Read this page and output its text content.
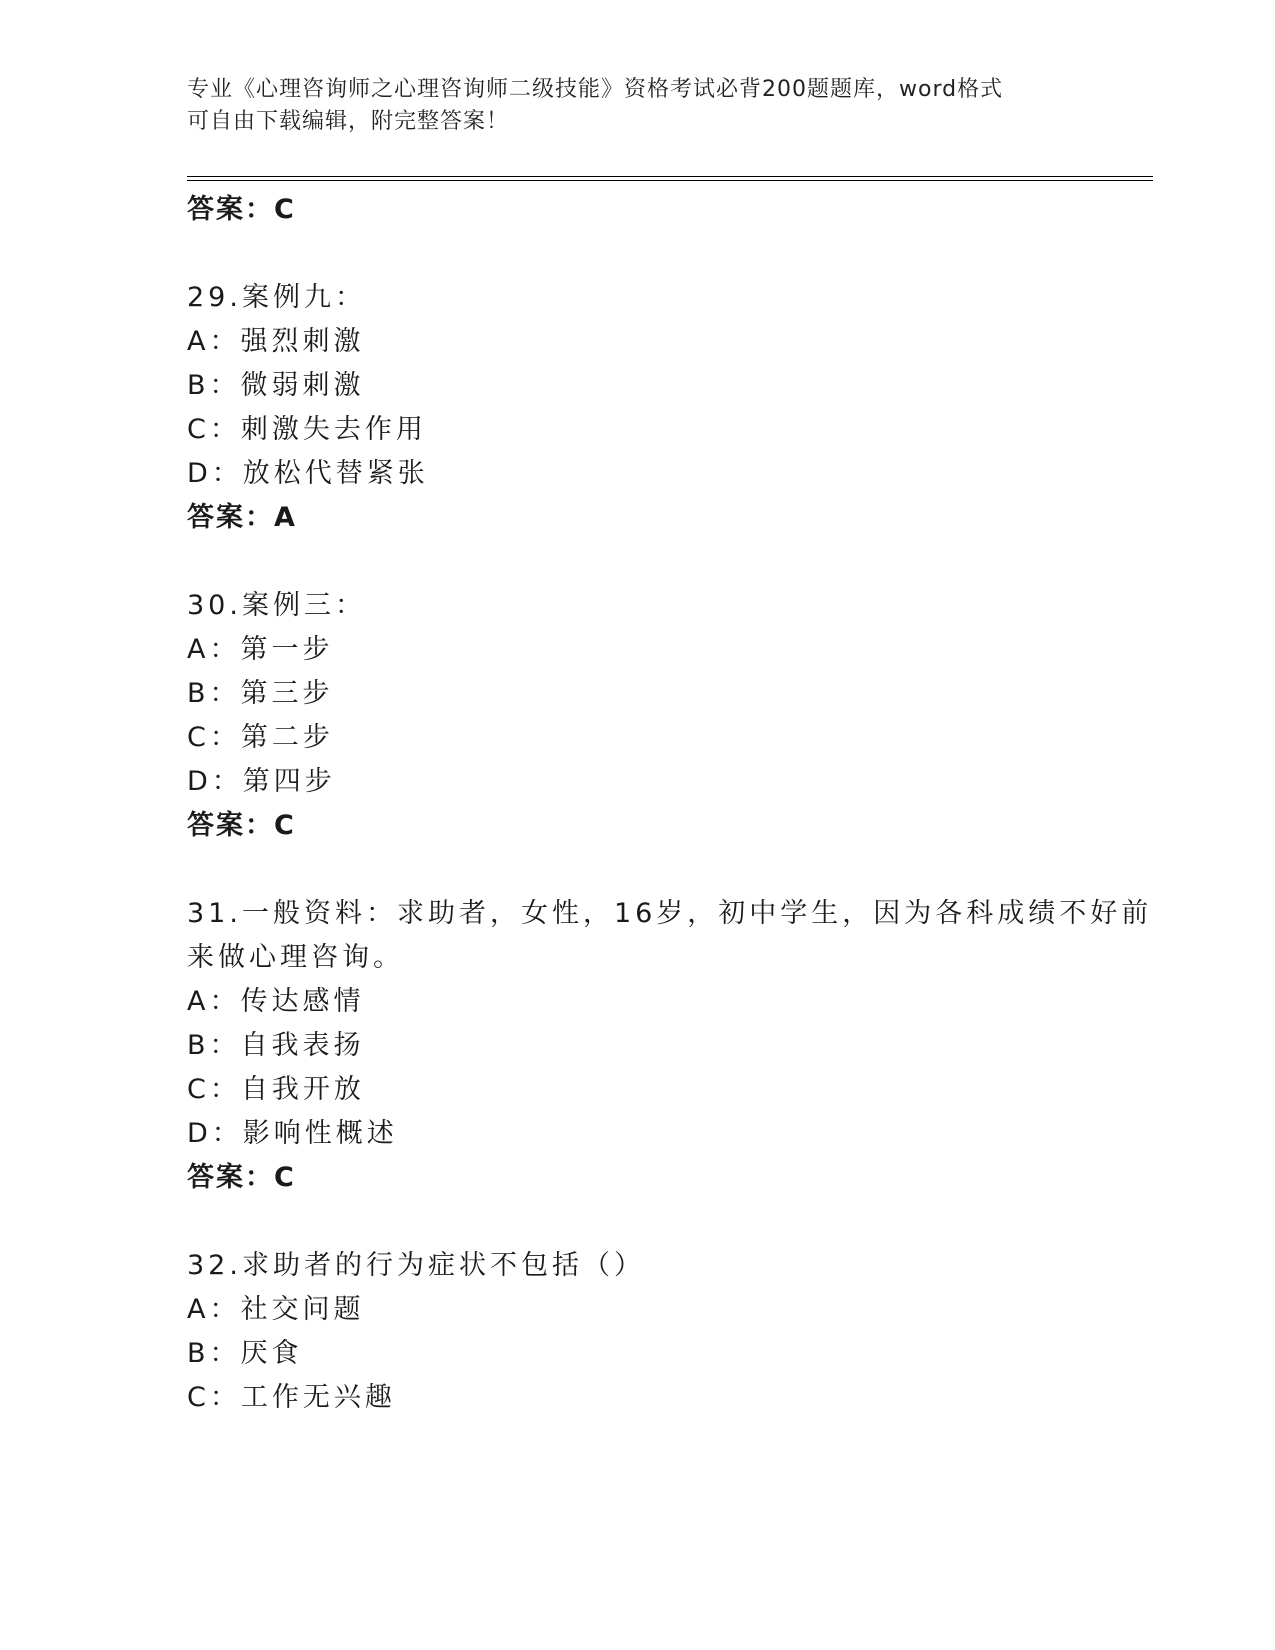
专业《心理咨询师之心理咨询师二级技能》资格考试必背200题题库，word格式
可自由下载编辑，附完整答案！
答案：C
29.案例九：
A：强烈刺激
B：微弱刺激
C：刺激失去作用
D：放松代替紧张
答案：A
30.案例三：
A：第一步
B：第三步
C：第二步
D：第四步
答案：C
31.一般资料：求助者，女性，16岁，初中学生，因为各科成绩不好前
来做心理咨询。
A：传达感情
B：自我表扬
C：自我开放
D：影响性概述
答案：C
32.求助者的行为症状不包括（）
A：社交问题
B：厌食
C：工作无兴趣
